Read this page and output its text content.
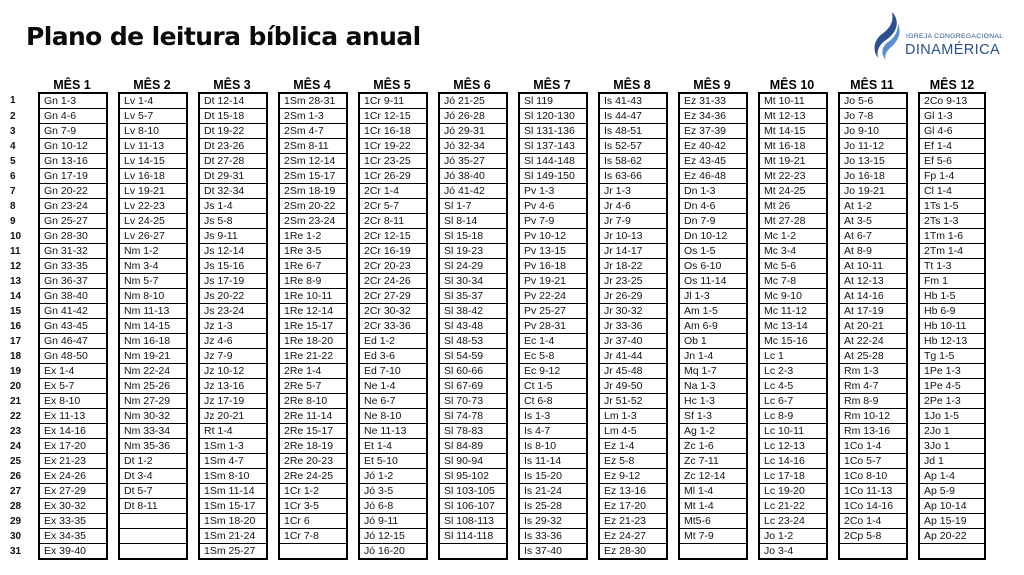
Plano de leitura bíblica anual	IGREJA CONGREGACIONAL
DINAMÉRICA
	MÊS 1		MÊS 2		MÊS 3		MÊS 4		MÊS 5		MÊS 6		MÊS 7		MÊS 8		MÊS 9		MÊS 10		MÊS 11		MÊS 12
1	Gn 1-3		Lv 1-4		Dt 12-14		1Sm 28-31		1Cr 9-11		Jó 21-25		Sl 119		Is 41-43		Ez 31-33		Mt 10-11		Jo 5-6		2Co 9-13
2	Gn 4-6		Lv 5-7		Dt 15-18		2Sm 1-3		1Cr 12-15		Jó 26-28		Sl 120-130		Is 44-47		Ez 34-36		Mt 12-13		Jo 7-8		Gl 1-3
3	Gn 7-9		Lv 8-10		Dt 19-22		2Sm 4-7		1Cr 16-18		Jó 29-31		Sl 131-136		Is 48-51		Ez 37-39		Mt 14-15		Jo 9-10		Gl 4-6
4	Gn 10-12		Lv 11-13		Dt 23-26		2Sm 8-11		1Cr 19-22		Jó 32-34		Sl 137-143		Is 52-57		Ez 40-42		Mt 16-18		Jo 11-12		Ef 1-4
5	Gn 13-16		Lv 14-15		Dt 27-28		2Sm 12-14		1Cr 23-25		Jó 35-27		Sl 144-148		Is 58-62		Ez 43-45		Mt 19-21		Jo 13-15		Ef 5-6
6	Gn 17-19		Lv 16-18		Dt 29-31		2Sm 15-17		1Cr 26-29		Jó 38-40		Sl 149-150		Is 63-66		Ez 46-48		Mt 22-23		Jo 16-18		Fp 1-4
7	Gn 20-22		Lv 19-21		Dt 32-34		2Sm 18-19		2Cr 1-4		Jó 41-42		Pv 1-3		Jr 1-3		Dn 1-3		Mt 24-25		Jo 19-21		Cl 1-4
8	Gn 23-24		Lv 22-23		Js 1-4		2Sm 20-22		2Cr 5-7		Sl 1-7		Pv 4-6		Jr 4-6		Dn 4-6		Mt 26		At 1-2		1Ts 1-5
9	Gn 25-27		Lv 24-25		Js 5-8		2Sm 23-24		2Cr 8-11		Sl 8-14		Pv 7-9		Jr 7-9		Dn 7-9		Mt 27-28		At 3-5		2Ts 1-3
10	Gn 28-30		Lv 26-27		Js 9-11		1Re 1-2		2Cr 12-15		Sl 15-18		Pv 10-12		Jr 10-13		Dn 10-12		Mc 1-2		At 6-7		1Tm 1-6
11	Gn 31-32		Nm 1-2		Js 12-14		1Re 3-5		2Cr 16-19		Sl 19-23		Pv 13-15		Jr 14-17		Os 1-5		Mc 3-4		At 8-9		2Tm 1-4
12	Gn 33-35		Nm 3-4		Js 15-16		1Re 6-7		2Cr 20-23		Sl 24-29		Pv 16-18		Jr 18-22		Os 6-10		Mc 5-6		At 10-11		Tt 1-3
13	Gn 36-37		Nm 5-7		Js 17-19		1Re 8-9		2Cr 24-26		Sl 30-34		Pv 19-21		Jr 23-25		Os 11-14		Mc 7-8		At 12-13		Fm 1
14	Gn 38-40		Nm 8-10		Js 20-22		1Re 10-11		2Cr 27-29		Sl 35-37		Pv 22-24		Jr 26-29		Jl 1-3		Mc 9-10		At 14-16		Hb 1-5
15	Gn 41-42		Nm 11-13		Js 23-24		1Re 12-14		2Cr 30-32		Sl 38-42		Pv 25-27		Jr 30-32		Am 1-5		Mc 11-12		At 17-19		Hb 6-9
16	Gn 43-45		Nm 14-15		Jz 1-3		1Re 15-17		2Cr 33-36		Sl 43-48		Pv 28-31		Jr 33-36		Am 6-9		Mc 13-14		At 20-21		Hb 10-11
17	Gn 46-47		Nm 16-18		Jz 4-6		1Re 18-20		Ed 1-2		Sl 48-53		Ec 1-4		Jr 37-40		Ob 1		Mc 15-16		At 22-24		Hb 12-13
18	Gn 48-50		Nm 19-21		Jz 7-9		1Re 21-22		Ed 3-6		Sl 54-59		Ec 5-8		Jr 41-44		Jn 1-4		Lc 1		At 25-28		Tg 1-5
19	Ex 1-4		Nm 22-24		Jz 10-12		2Re 1-4		Ed 7-10		Sl 60-66		Ec 9-12		Jr 45-48		Mq 1-7		Lc 2-3		Rm 1-3		1Pe 1-3
20	Ex 5-7		Nm 25-26		Jz 13-16		2Re 5-7		Ne 1-4		Sl 67-69		Ct 1-5		Jr 49-50		Na 1-3		Lc 4-5		Rm 4-7		1Pe 4-5
21	Ex 8-10		Nm 27-29		Jz 17-19		2Re 8-10		Ne 6-7		Sl 70-73		Ct 6-8		Jr 51-52		Hc 1-3		Lc 6-7		Rm 8-9		2Pe 1-3
22	Ex 11-13		Nm 30-32		Jz 20-21		2Re 11-14		Ne 8-10		Sl 74-78		Is 1-3		Lm 1-3		Sf 1-3		Lc 8-9		Rm 10-12		1Jo 1-5
23	Ex 14-16		Nm 33-34		Rt 1-4		2Re 15-17		Ne 11-13		Sl 78-83		Is 4-7		Lm 4-5		Ag 1-2		Lc 10-11		Rm 13-16		2Jo 1
24	Ex 17-20		Nm 35-36		1Sm 1-3		2Re 18-19		Et 1-4		Sl 84-89		Is 8-10		Ez 1-4		Zc 1-6		Lc 12-13		1Co 1-4		3Jo 1
25	Ex 21-23		Dt 1-2		1Sm 4-7		2Re 20-23		Et 5-10		Sl 90-94		Is 11-14		Ez 5-8		Zc 7-11		Lc 14-16		1Co 5-7		Jd 1
26	Ex 24-26		Dt 3-4		1Sm 8-10		2Re 24-25		Jó 1-2		Sl 95-102		Is 15-20		Ez 9-12		Zc 12-14		Lc 17-18		1Co 8-10		Ap 1-4
27	Ex 27-29		Dt 5-7		1Sm 11-14		1Cr 1-2		Jó 3-5		Sl 103-105		Is 21-24		Ez 13-16		Ml 1-4		Lc 19-20		1Co 11-13		Ap 5-9
28	Ex 30-32		Dt 8-11		1Sm 15-17		1Cr 3-5		Jó 6-8		Sl 106-107		Is 25-28		Ez 17-20		Mt 1-4		Lc 21-22		1Co 14-16		Ap 10-14
29	Ex 33-35				1Sm 18-20		1Cr 6		Jó 9-11		Sl 108-113		Is 29-32		Ez 21-23		Mt5-6		Lc 23-24		2Co 1-4		Ap 15-19
30	Ex 34-35				1Sm 21-24		1Cr 7-8		Jó 12-15		Sl 114-118		Is 33-36		Ez 24-27		Mt 7-9		Jo 1-2		2Cp 5-8		Ap 20-22
31	Ex 39-40				1Sm 25-27				Jó 16-20				Is 37-40		Ez 28-30				Jo 3-4				
